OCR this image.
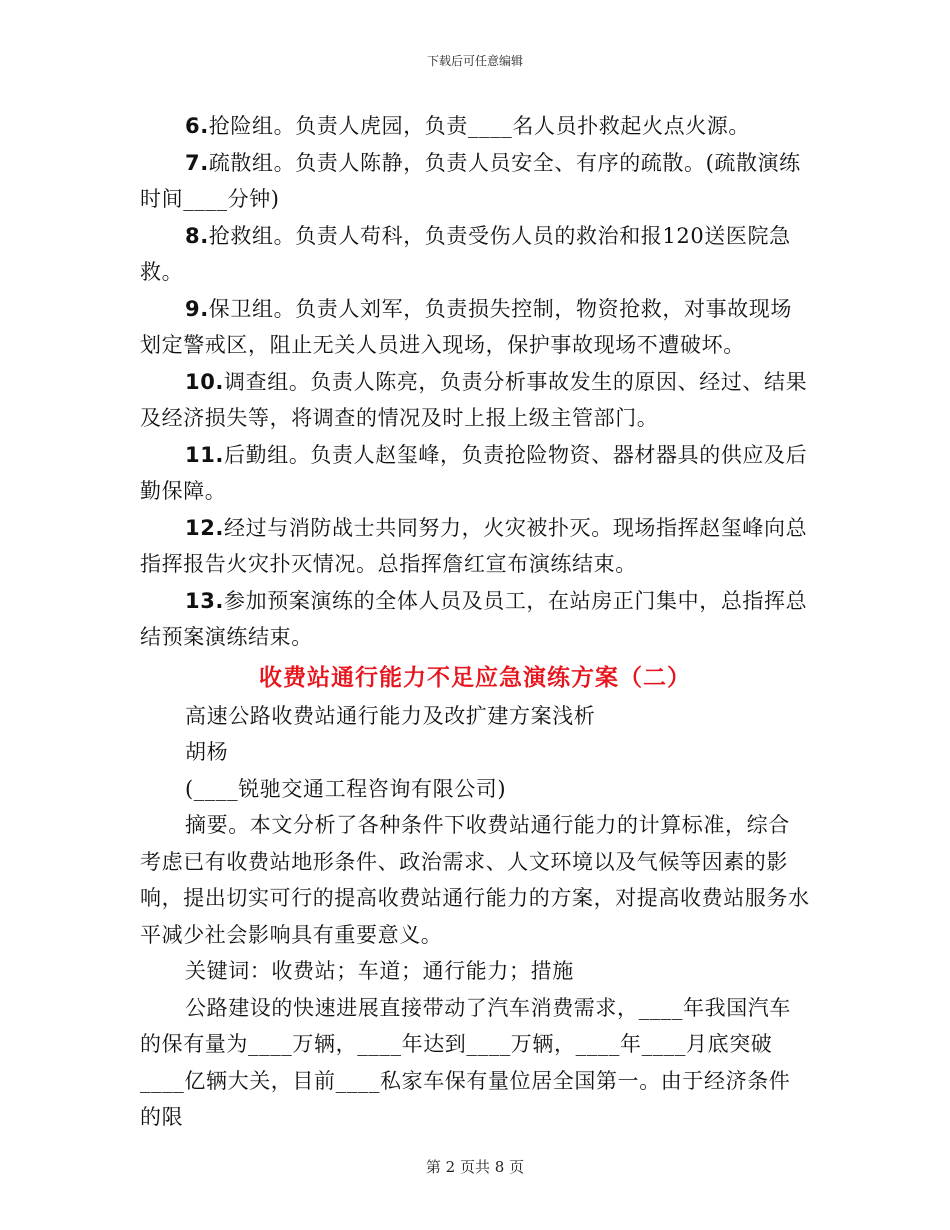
下载后可任意编辑

6.抢险组。负责人虎园，负责____名人员扑救起火点火源。

7.疏散组。负责人陈静，负责人员安全、有序的疏散。(疏散演练时间____分钟)

8.抢救组。负责人苟科，负责受伤人员的救治和报120送医院急救。

9.保卫组。负责人刘军，负责损失控制，物资抢救，对事故现场划定警戒区，阻止无关人员进入现场，保护事故现场不遭破坏。

10.调查组。负责人陈亮，负责分析事故发生的原因、经过、结果及经济损失等，将调查的情况及时上报上级主管部门。

11.后勤组。负责人赵玺峰，负责抢险物资、器材器具的供应及后勤保障。

12.经过与消防战士共同努力，火灾被扑灭。现场指挥赵玺峰向总指挥报告火灾扑灭情况。总指挥詹红宣布演练结束。

13.参加预案演练的全体人员及员工，在站房正门集中，总指挥总结预案演练结束。

收费站通行能力不足应急演练方案（二）
高速公路收费站通行能力及改扩建方案浅析
胡杨
(____锐驰交通工程咨询有限公司)

摘要。本文分析了各种条件下收费站通行能力的计算标准，综合考虑已有收费站地形条件、政治需求、人文环境以及气候等因素的影响，提出切实可行的提高收费站通行能力的方案，对提高收费站服务水平减少社会影响具有重要意义。

关键词：收费站；车道；通行能力；措施

公路建设的快速进展直接带动了汽车消费需求，____年我国汽车的保有量为____万辆，____年达到____万辆，____年____月底突破____亿辆大关，目前____私家车保有量位居全国第一。由于经济条件的限

第 2 页共 8 页
